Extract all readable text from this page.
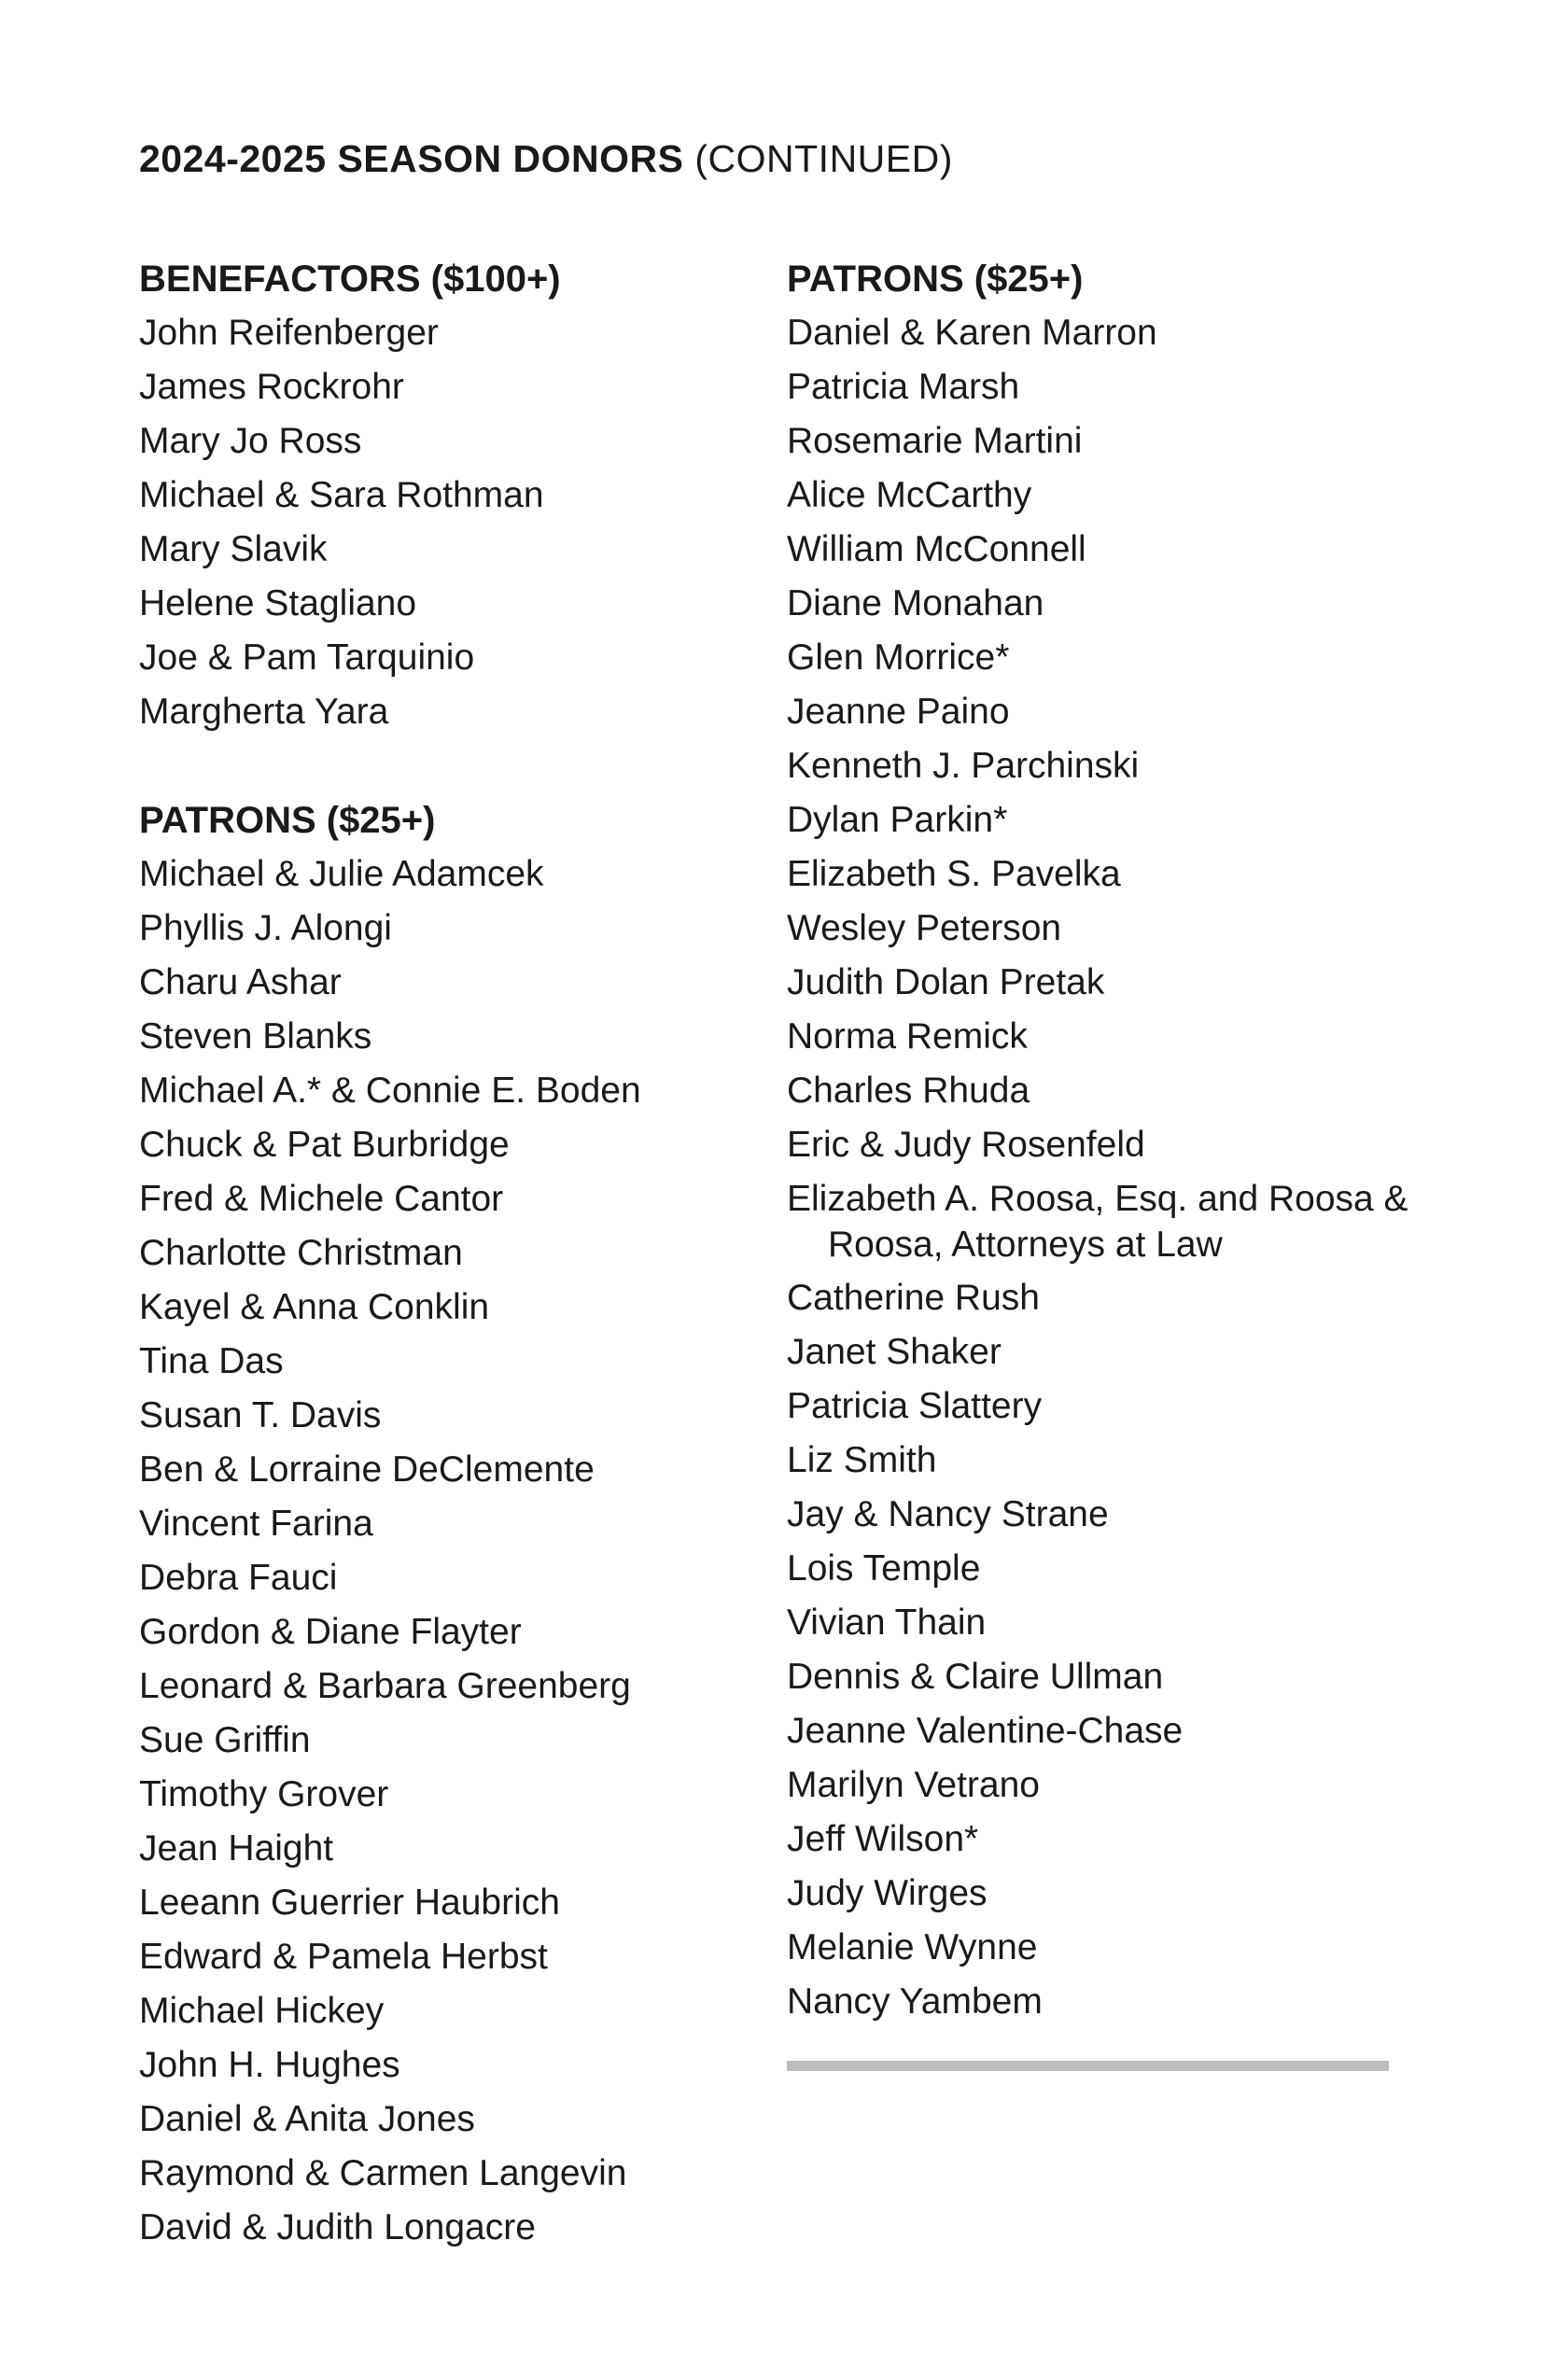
2024-2025 SEASON DONORS (CONTINUED)
BENEFACTORS ($100+)
John Reifenberger
James Rockrohr
Mary Jo Ross
Michael & Sara Rothman
Mary Slavik
Helene Stagliano
Joe & Pam Tarquinio
Margherta Yara
PATRONS ($25+)
Michael & Julie Adamcek
Phyllis J. Alongi
Charu Ashar
Steven Blanks
Michael A.* & Connie E. Boden
Chuck & Pat Burbridge
Fred & Michele Cantor
Charlotte Christman
Kayel & Anna Conklin
Tina Das
Susan T. Davis
Ben & Lorraine DeClemente
Vincent Farina
Debra Fauci
Gordon & Diane Flayter
Leonard & Barbara Greenberg
Sue Griffin
Timothy Grover
Jean Haight
Leeann Guerrier Haubrich
Edward & Pamela Herbst
Michael Hickey
John H. Hughes
Daniel & Anita Jones
Raymond & Carmen Langevin
David & Judith Longacre
PATRONS ($25+)
Daniel & Karen Marron
Patricia Marsh
Rosemarie Martini
Alice McCarthy
William McConnell
Diane Monahan
Glen Morrice*
Jeanne Paino
Kenneth J. Parchinski
Dylan Parkin*
Elizabeth S. Pavelka
Wesley Peterson
Judith Dolan Pretak
Norma Remick
Charles Rhuda
Eric & Judy Rosenfeld
Elizabeth A. Roosa, Esq. and Roosa & Roosa, Attorneys at Law
Catherine Rush
Janet Shaker
Patricia Slattery
Liz Smith
Jay & Nancy Strane
Lois Temple
Vivian Thain
Dennis & Claire Ullman
Jeanne Valentine-Chase
Marilyn Vetrano
Jeff Wilson*
Judy Wirges
Melanie Wynne
Nancy Yambem
